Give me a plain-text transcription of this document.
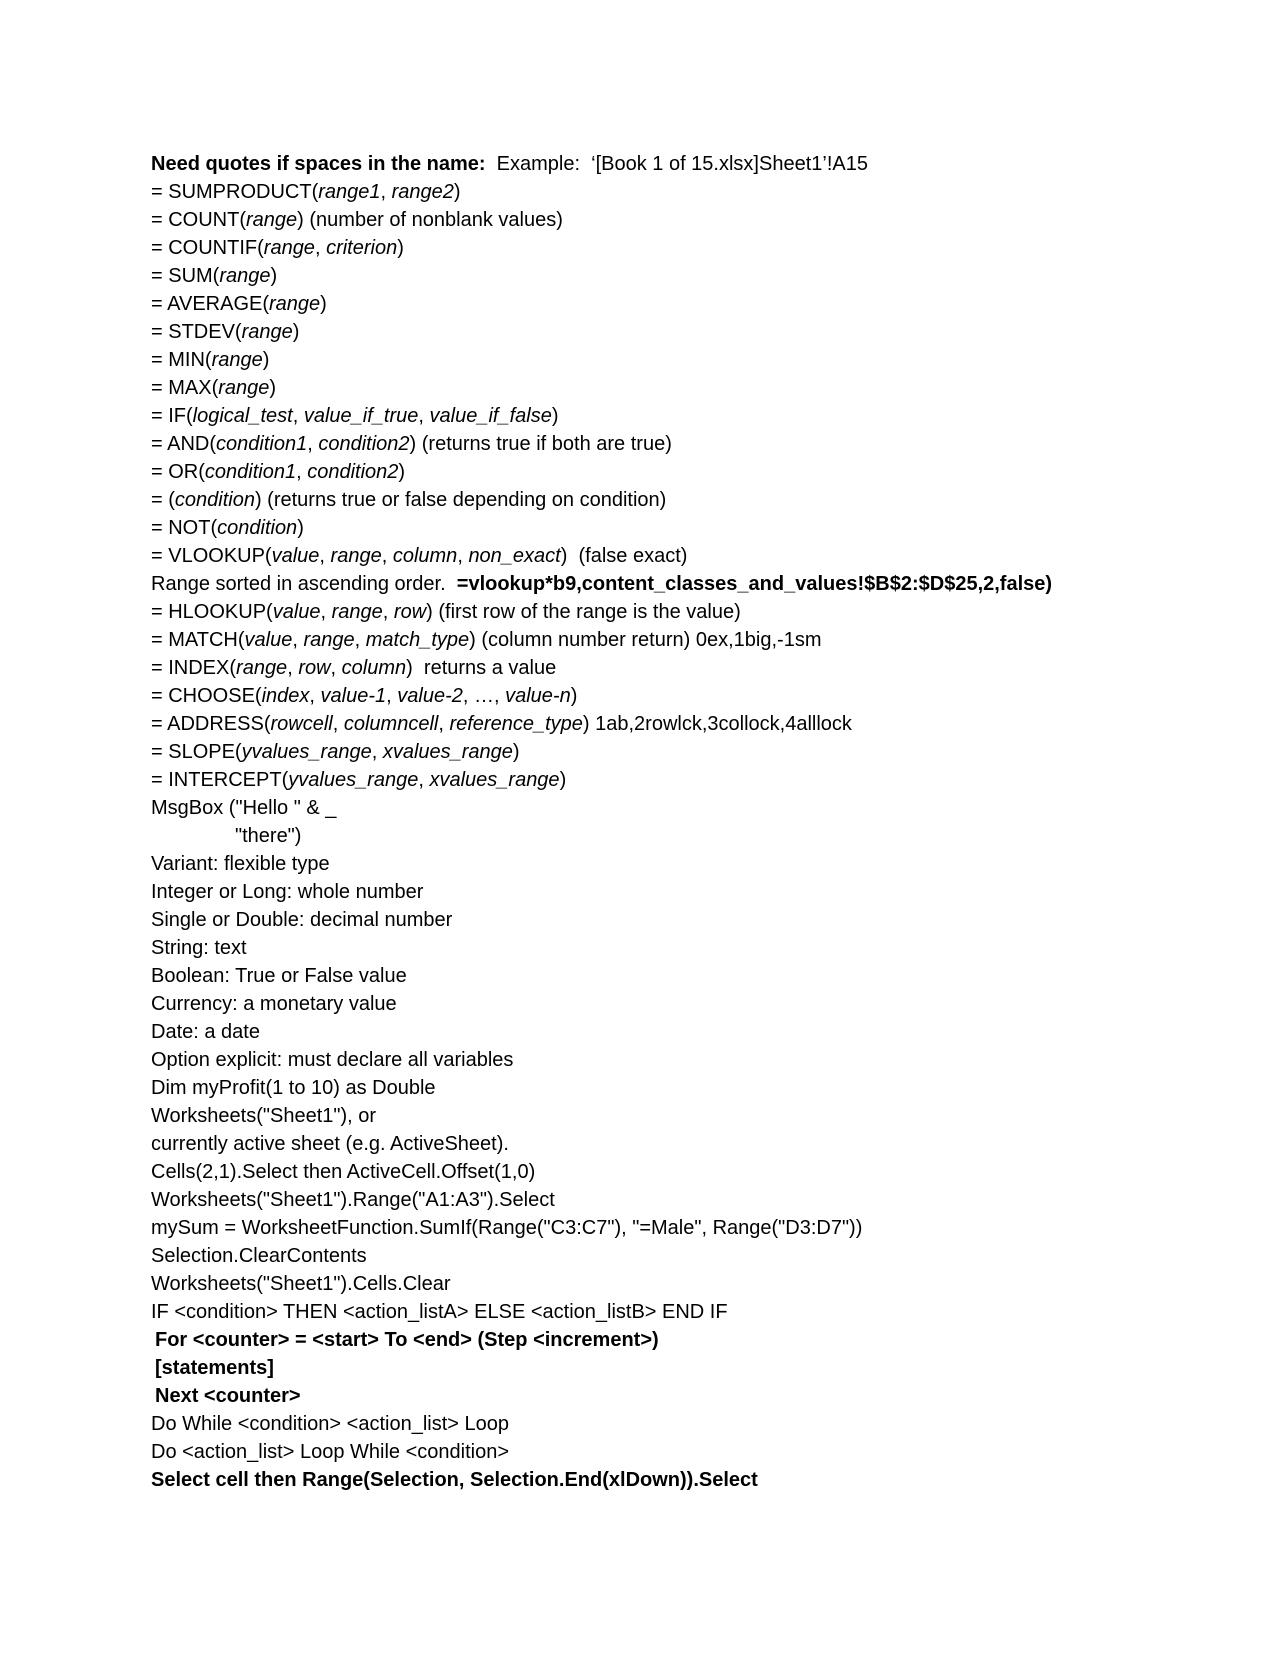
Need quotes if spaces in the name:  Example:  ‘[Book 1 of 15.xlsx]Sheet1’!A15
= SUMPRODUCT(range1, range2)
= COUNT(range) (number of nonblank values)
= COUNTIF(range, criterion)
= SUM(range)
= AVERAGE(range)
= STDEV(range)
= MIN(range)
= MAX(range)
= IF(logical_test, value_if_true, value_if_false)
= AND(condition1, condition2) (returns true if both are true)
= OR(condition1, condition2)
= (condition) (returns true or false depending on condition)
= NOT(condition)
= VLOOKUP(value, range, column, non_exact)  (false exact)
Range sorted in ascending order.  =vlookup*b9,content_classes_and_values!$B$2:$D$25,2,false)
= HLOOKUP(value, range, row) (first row of the range is the value)
= MATCH(value, range, match_type) (column number return) 0ex,1big,-1sm
= INDEX(range, row, column)  returns a value
= CHOOSE(index, value-1, value-2, …, value-n)
= ADDRESS(rowcell, columncell, reference_type) 1ab,2rowlck,3collock,4alllock
= SLOPE(yvalues_range, xvalues_range)
= INTERCEPT(yvalues_range, xvalues_range)
MsgBox ("Hello " & _
"there")
Variant: flexible type
Integer or Long: whole number
Single or Double: decimal number
String: text
Boolean: True or False value
Currency: a monetary value
Date: a date
Option explicit: must declare all variables
Dim myProfit(1 to 10) as Double
Worksheets("Sheet1"), or
currently active sheet (e.g. ActiveSheet).
Cells(2,1).Select then ActiveCell.Offset(1,0)
Worksheets("Sheet1").Range("A1:A3").Select
mySum = WorksheetFunction.SumIf(Range("C3:C7"), "=Male", Range("D3:D7"))
Selection.ClearContents
Worksheets("Sheet1").Cells.Clear
IF <condition> THEN <action_listA> ELSE <action_listB> END IF
For <counter> = <start> To <end> (Step <increment>)
[statements]
Next <counter>
Do While <condition> <action_list> Loop
Do <action_list> Loop While <condition>
Select cell then Range(Selection, Selection.End(xlDown)).Select
